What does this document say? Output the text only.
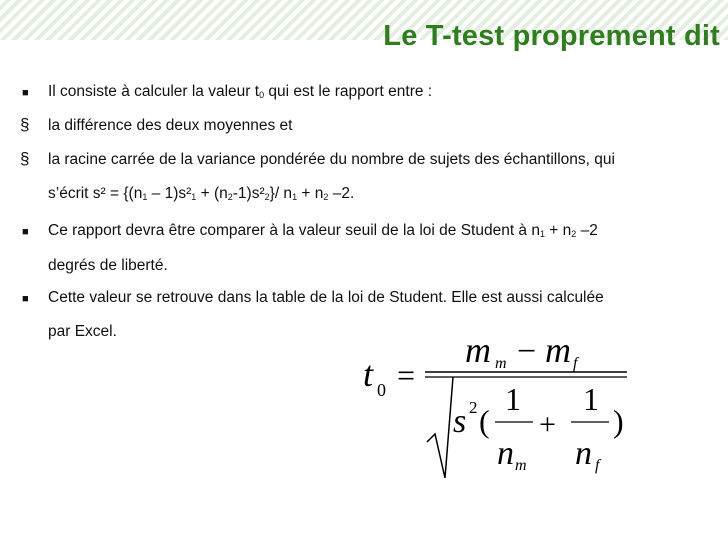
Le T-test proprement dit
■ Il consiste à calculer la valeur $t_0$ qui est le rapport entre :
§ la différence des deux moyennes et
§ la racine carrée de la variance pondérée du nombre de sujets des échantillons, qui
s’écrit $s^2 = \{(n_1 - 1)s^2_1 + (n_2-1)s^2_2\}/$ $n_1 + n_2$ –2.
■ Ce rapport devra être comparer à la valeur seuil de la loi de Student à $n_1 + n_2$ –2
degrés de liberté.
■ Cette valeur se retrouve dans la table de la loi de Student. Elle est aussi calculée
par Excel.
t 0 =
m m − m f
s 2 (
1
n m
+
1
n f
)
